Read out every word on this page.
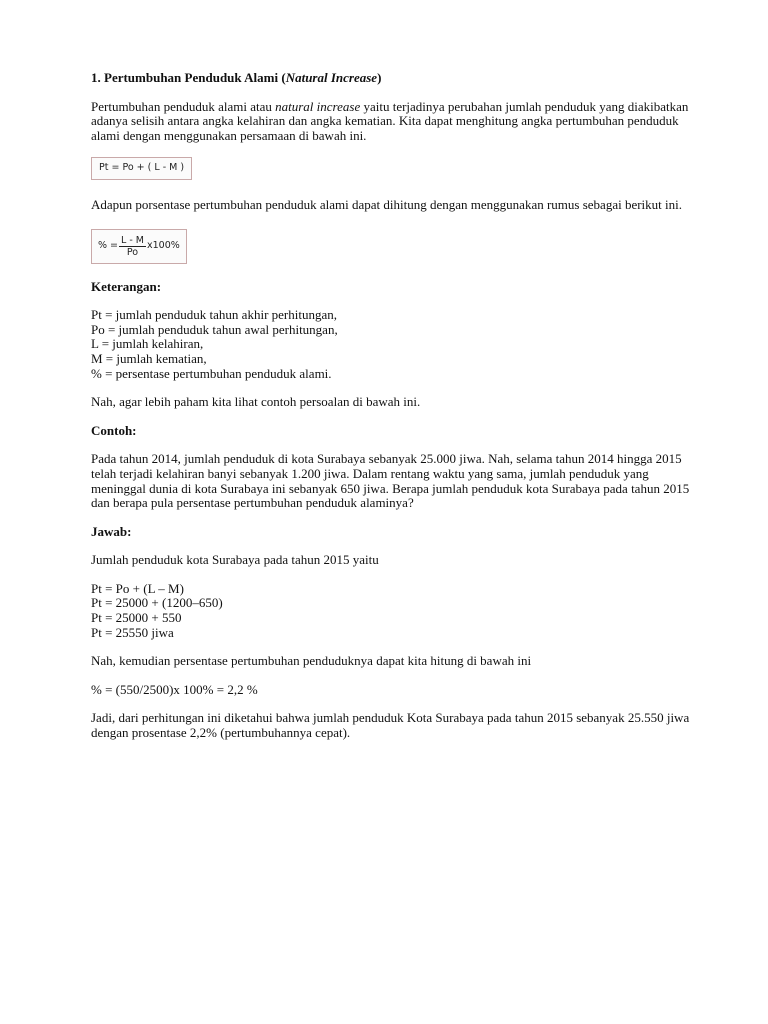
1. Pertumbuhan Penduduk Alami (Natural Increase)

Pertumbuhan penduduk alami atau natural increase yaitu terjadinya perubahan jumlah penduduk yang diakibatkan adanya selisih antara angka kelahiran dan angka kematian. Kita dapat menghitung angka pertumbuhan penduduk alami dengan menggunakan persamaan di bawah ini.

Pt = Po + ( L - M )

Adapun porsentase pertumbuhan penduduk alami dapat dihitung dengan menggunakan rumus sebagai berikut ini.

% = $\frac{L - M}{Po} x100\%$

Keterangan:

Pt = jumlah penduduk tahun akhir perhitungan,

Po = jumlah penduduk tahun awal perhitungan,

L = jumlah kelahiran,

M = jumlah kematian,

% = persentase pertumbuhan penduduk alami.

Nah, agar lebih paham kita lihat contoh persoalan di bawah ini.

Contoh:

Pada tahun 2014, jumlah penduduk di kota Surabaya sebanyak 25.000 jiwa. Nah, selama tahun 2014 hingga 2015 telah terjadi kelahiran banyi sebanyak 1.200 jiwa. Dalam rentang waktu yang sama, jumlah penduduk yang meninggal dunia di kota Surabaya ini sebanyak 650 jiwa. Berapa jumlah penduduk kota Surabaya pada tahun 2015 dan berapa pula persentase pertumbuhan penduduk alaminya?

Jawab:

Jumlah penduduk kota Surabaya pada tahun 2015 yaitu

Pt = Po + (L – M)

Pt = 25000 + (1200–650)

Pt = 25000 + 550

Pt = 25550 jiwa

Nah, kemudian persentase pertumbuhan penduduknya dapat kita hitung di bawah ini

% = (550/2500)x 100% = 2,2 %

Jadi, dari perhitungan ini diketahui bahwa jumlah penduduk Kota Surabaya pada tahun 2015 sebanyak 25.550 jiwa dengan prosentase 2,2% (pertumbuhannya cepat).
